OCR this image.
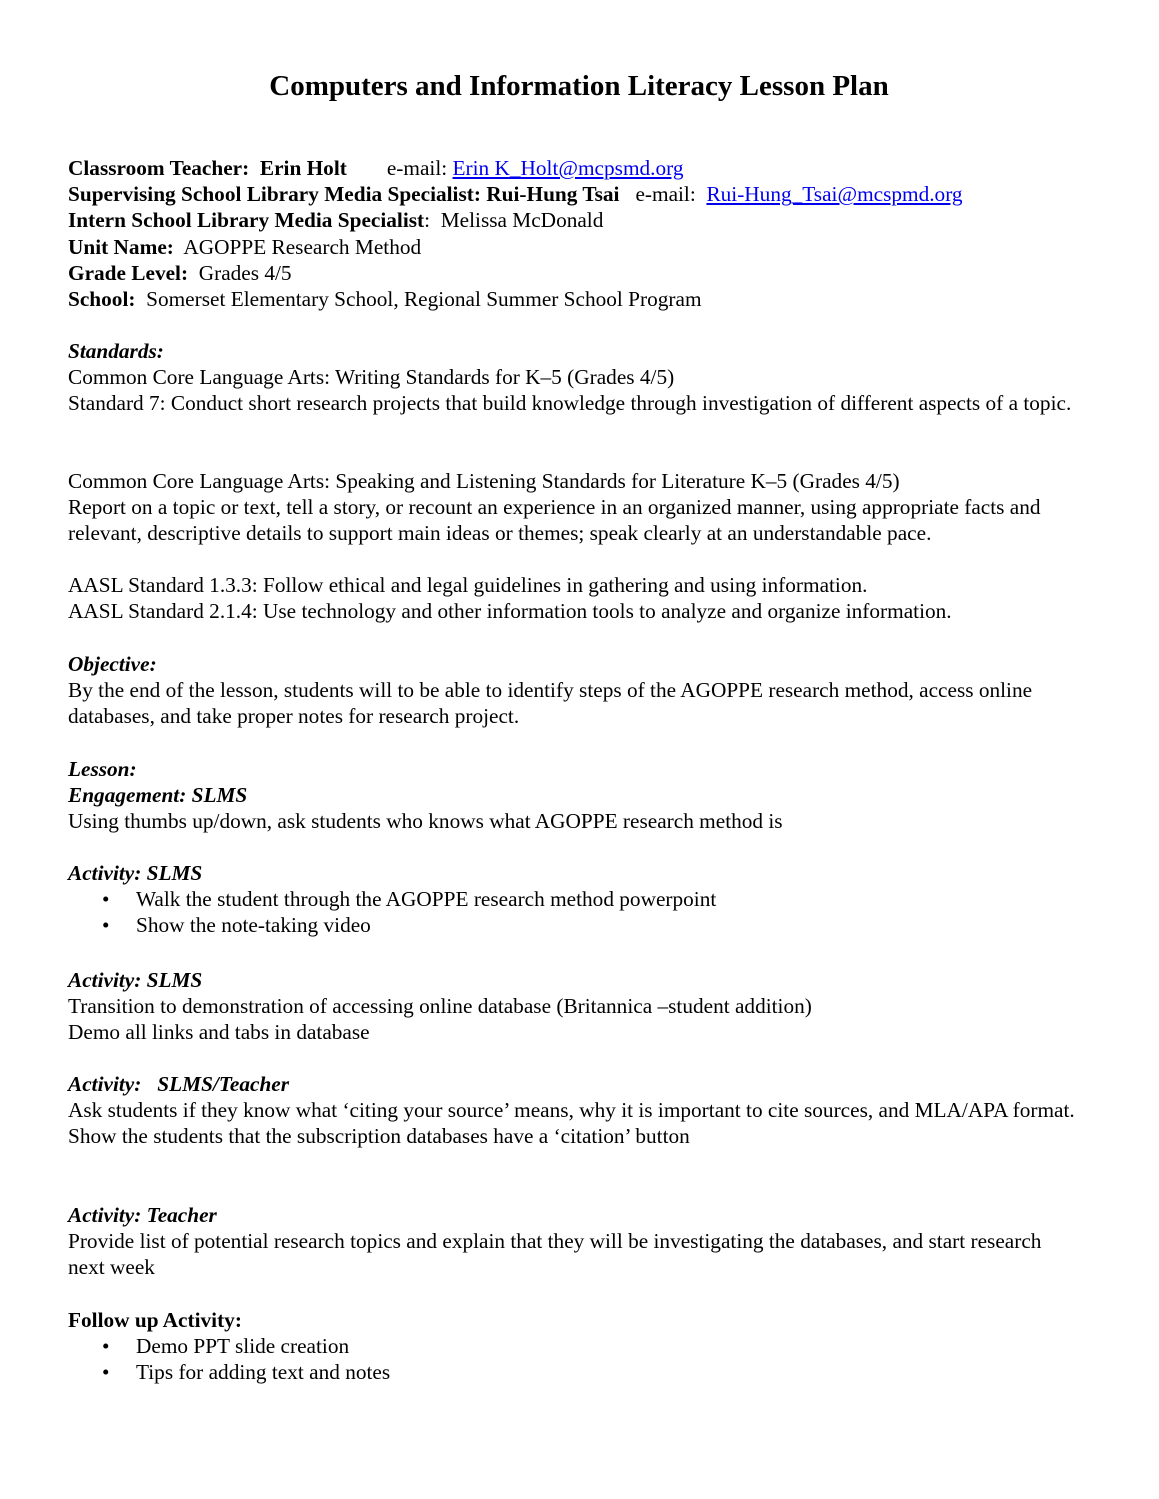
Computers and Information Literacy Lesson Plan
Classroom Teacher: Erin Holt e-mail: Erin K_Holt@mcpsmd.org
Supervising School Library Media Specialist: Rui-Hung Tsai e-mail: Rui-Hung_Tsai@mcspmd.org
Intern School Library Media Specialist:  Melissa McDonald
Unit Name: AGOPPE Research Method
Grade Level: Grades 4/5
School: Somerset Elementary School, Regional Summer School Program
Standards:
Common Core Language Arts: Writing Standards for K–5 (Grades 4/5)
Standard 7: Conduct short research projects that build knowledge through investigation of different aspects of a topic.
Common Core Language Arts: Speaking and Listening Standards for Literature K–5 (Grades 4/5)
Report on a topic or text, tell a story, or recount an experience in an organized manner, using appropriate facts and relevant, descriptive details to support main ideas or themes; speak clearly at an understandable pace.
AASL Standard 1.3.3: Follow ethical and legal guidelines in gathering and using information.
AASL Standard 2.1.4: Use technology and other information tools to analyze and organize information.
Objective:
By the end of the lesson, students will to be able to identify steps of the AGOPPE research method, access online databases, and take proper notes for research project.
Lesson:
Engagement: SLMS
Using thumbs up/down, ask students who knows what AGOPPE research method is
Activity: SLMS
• Walk the student through the AGOPPE research method powerpoint
• Show the note-taking video
Activity: SLMS
Transition to demonstration of accessing online database (Britannica –student addition)
Demo all links and tabs in database
Activity:   SLMS/Teacher
Ask students if they know what ‘citing your source’ means, why it is important to cite sources, and MLA/APA format.
Show the students that the subscription databases have a ‘citation’ button
Activity: Teacher
Provide list of potential research topics and explain that they will be investigating the databases, and start research next week
Follow up Activity:
• Demo PPT slide creation
• Tips for adding text and notes
